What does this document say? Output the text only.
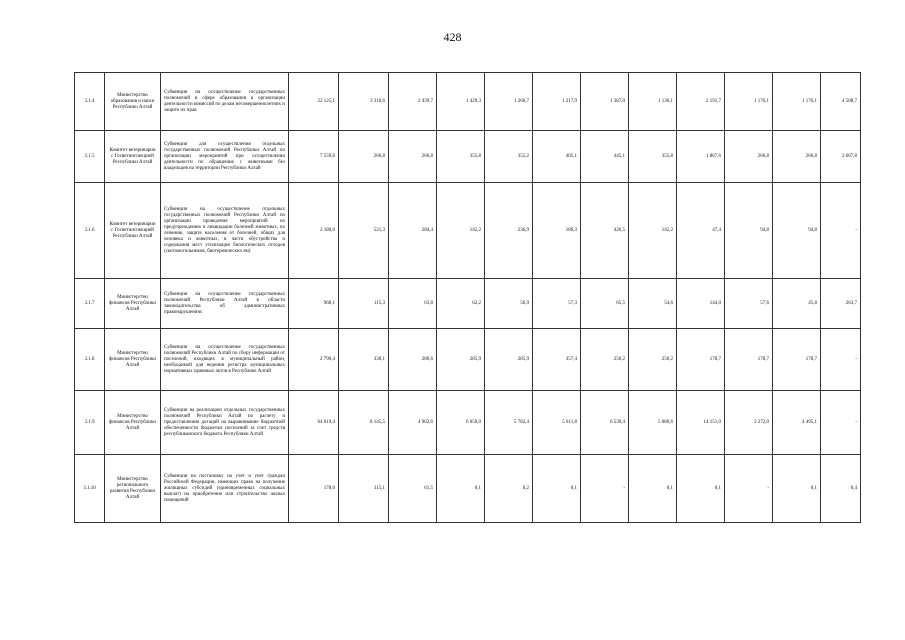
428
3.1.4	Министерство образования и науки Республики Алтай	Субвенции на осуществление государственных полномочий в сфере образования в организации деятельности комиссий по делам несовершеннолетних и защите их прав	22 125,1	3 310,6	2 439,7	1 429,3	1 260,7	1 217,9	1 387,0	1 136,1	2 191,7	1 176,1	1 176,1	4 508,7
3.1.5	Комитет ветеринарии с Госветинспекцией Республики Алтай	Субвенции для осуществления отдельных государственных полномочий Республики Алтай по организации мероприятий при осуществлении деятельности по обращению с животными без владельцев на территории Республики Алтай	7 559,6	266,8	266,8	355,8	355,2	405,1	445,1	355,8	1 867,6	266,8	266,8	2 667,8
3.1.6	Комитет ветеринарии с Госветинспекцией Республики Алтай	Субвенции на осуществление отдельных государственных полномочий Республики Алтай по организации проведения мероприятий по предупреждению и ликвидации болезней животных, их лечению, защите населения от болезней, общих для человека и животных, в части обустройства и содержания мест утилизации биологических отходов (скотомогильников, биотермических ям)	2 180,0	521,3	284,4	142,2	236,9	189,3	426,5	142,2	47,4	94,8	94,8	-
3.1.7	Министерство финансов Республики Алтай	Субвенции на осуществление государственных полномочий Республики Алтай в области законодательства об административных правонарушениях	968,1	115,3	63,8	62,2	56,9	57,3	65,5	54,6	144,0	57,6	45,8	263,7
3.1.8	Министерство финансов Республики Алтай	Субвенции на осуществление государственных полномочий Республики Алтай по сбору информации от поселений, входящих в муниципальный район, необходимой для ведения регистра муниципальных нормативных правовых актов в Республике Алтай	2 790,4	330,1	280,6	285,9	285,9	357,4	250,2	250,2	178,7	178,7	178,7	-
3.1.9	Министерство финансов Республики Алтай	Субвенции на реализацию отдельных государственных полномочий Республики Алтай по расчету и предоставлению дотаций на выравнивание бюджетной обеспеченности бюджетам поселений за счет средств республиканского бюджета Республики Алтай	64 019,4	8 145,5	4 902,6	6 050,0	5 782,4	5 611,8	6 539,4	5 080,6	14 151,0	3 272,0	4 495,1	-
3.1.10	Министерство регионального развития Республики Алтай	Субвенции на постановку на учет и учет граждан Российской Федерации, имеющих право на получение жилищных субсидий (единовременных социальных выплат) на приобретение или строительство жилых помещений	178,0	115,1	61,5	0,1	0,2	0,1	-	0,1	0,1	-	0,1	0,4
